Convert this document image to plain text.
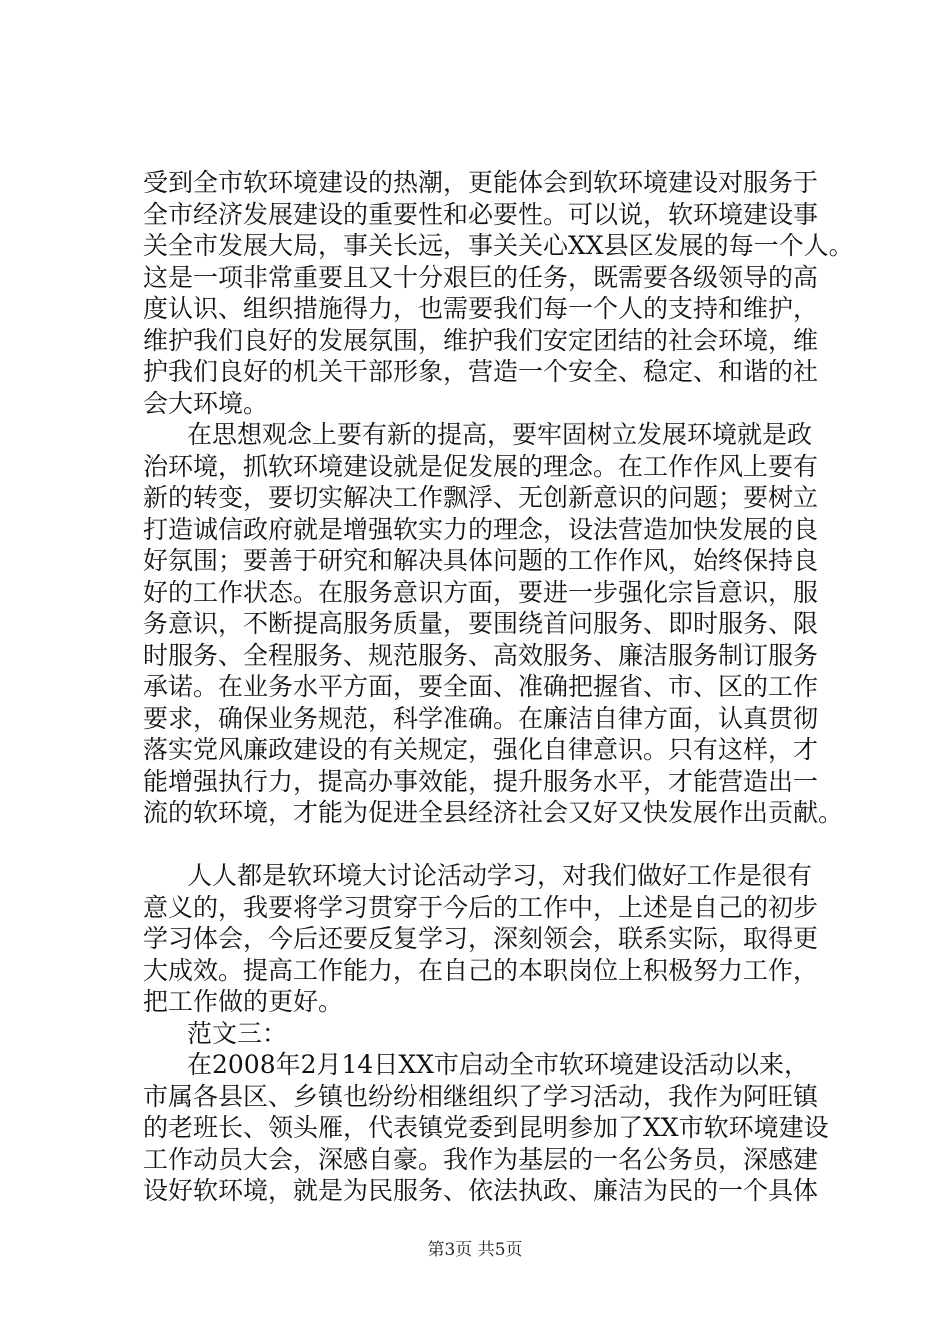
受到全市软环境建设的热潮，更能体会到软环境建设对服务于
全市经济发展建设的重要性和必要性。可以说，软环境建设事
关全市发展大局，事关长远，事关关心XX县区发展的每一个人。
这是一项非常重要且又十分艰巨的任务，既需要各级领导的高
度认识、组织措施得力，也需要我们每一个人的支持和维护，
维护我们良好的发展氛围，维护我们安定团结的社会环境，维
护我们良好的机关干部形象，营造一个安全、稳定、和谐的社
会大环境。
在思想观念上要有新的提高，要牢固树立发展环境就是政
治环境，抓软环境建设就是促发展的理念。在工作作风上要有
新的转变，要切实解决工作飘浮、无创新意识的问题；要树立
打造诚信政府就是增强软实力的理念，设法营造加快发展的良
好氛围；要善于研究和解决具体问题的工作作风，始终保持良
好的工作状态。在服务意识方面，要进一步强化宗旨意识，服
务意识，不断提高服务质量，要围绕首问服务、即时服务、限
时服务、全程服务、规范服务、高效服务、廉洁服务制订服务
承诺。在业务水平方面，要全面、准确把握省、市、区的工作
要求，确保业务规范，科学准确。在廉洁自律方面，认真贯彻
落实党风廉政建设的有关规定，强化自律意识。只有这样，才
能增强执行力，提高办事效能，提升服务水平，才能营造出一
流的软环境，才能为促进全县经济社会又好又快发展作出贡献。
人人都是软环境大讨论活动学习，对我们做好工作是很有
意义的，我要将学习贯穿于今后的工作中，上述是自己的初步
学习体会，今后还要反复学习，深刻领会，联系实际，取得更
大成效。提高工作能力，在自己的本职岗位上积极努力工作，
把工作做的更好。
范文三：
在2008年2月14日XX市启动全市软环境建设活动以来，
市属各县区、乡镇也纷纷相继组织了学习活动，我作为阿旺镇
的老班长、领头雁，代表镇党委到昆明参加了XX市软环境建设
工作动员大会，深感自豪。我作为基层的一名公务员，深感建
设好软环境，就是为民服务、依法执政、廉洁为民的一个具体
第3页 共5页
